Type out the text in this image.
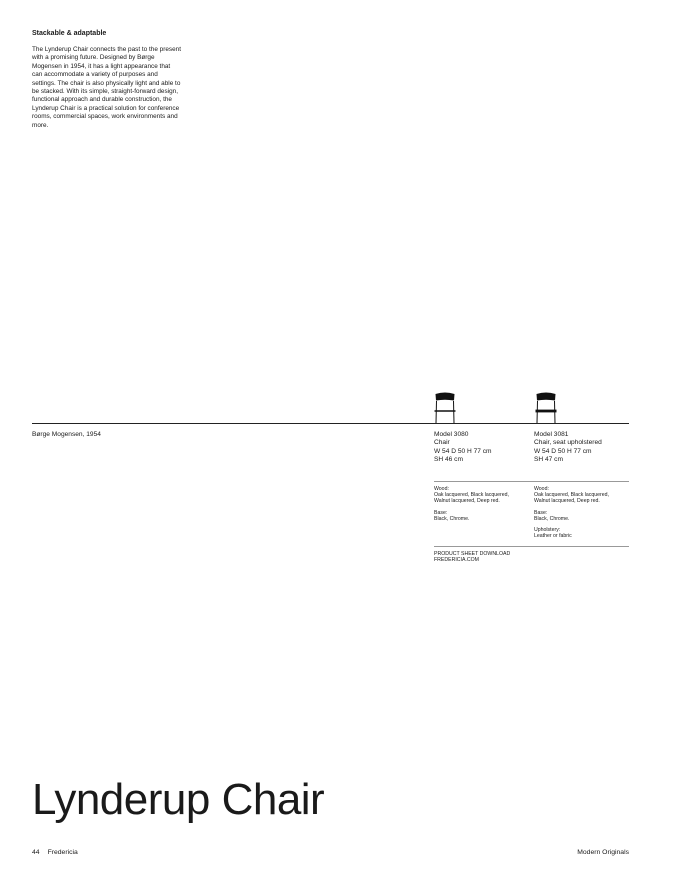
Stackable & adaptable

The Lynderup Chair connects the past to the present with a promising future. Designed by Børge Mogensen in 1954, it has a light appearance that can accommodate a variety of purposes and settings. The chair is also physically light and able to be stacked. With its simple, straight-forward design, functional approach and durable construction, the Lynderup Chair is a practical solution for conference rooms, commercial spaces, work environments and more.

Børge Mogensen, 1954	Model 3080
Chair
W 54 D 50 H 77 cm
SH 46 cm
Model 3081
Chair, seat upholstered
W 54 D 50 H 77 cm
SH 47 cm
Wood:
Oak lacquered, Black lacquered, Walnut lacquered, Deep red.
Base:
Black, Chrome.
Wood:
Oak lacquered, Black lacquered, Walnut lacquered, Deep red.
Base:
Black, Chrome.
Upholstery:
Leather or fabric
PRODUCT SHEET DOWNLOAD
FREDERICIA.COM
Lynderup Chair
44 Fredericia	Modern Originals
